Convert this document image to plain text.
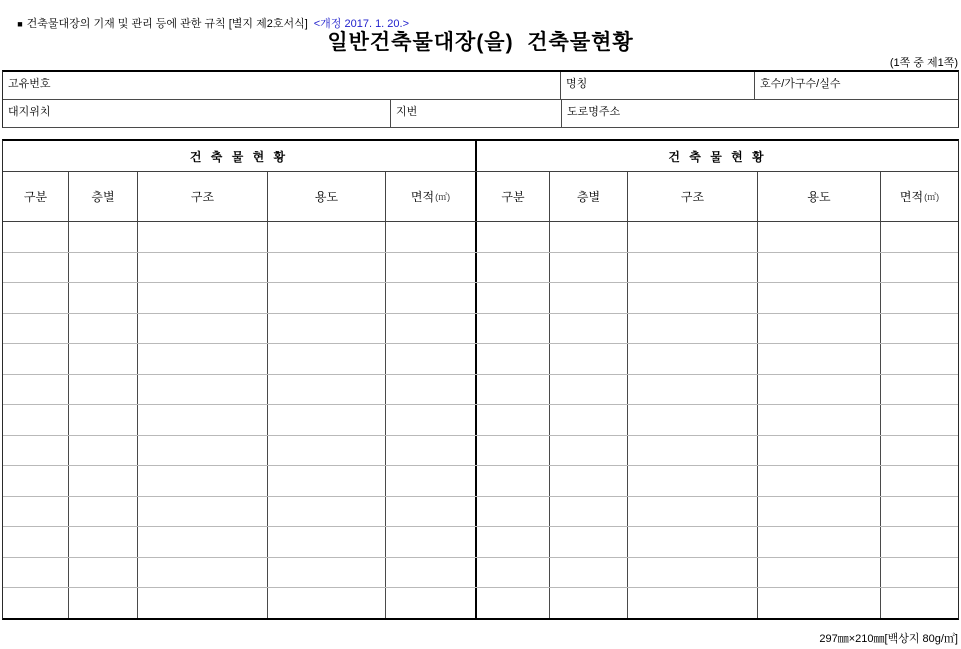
■ 건축물대장의 기재 및 관리 등에 관한 규칙 [별지 제2호서식] <개정 2017. 1. 20.>

일반건축물대장(을)  건축물현황
(1쪽 중 제1쪽)
고유번호	명칭	호수/가구수/실수
대지위치	지번	도로명주소
건 축 물 현 황	건 축 물 현 황
구분	층별	구조	용도	면적 (㎡)	구분	층별	구조	용도	면적 (㎡)
297㎜×210㎜[백상지 80g/㎡]
